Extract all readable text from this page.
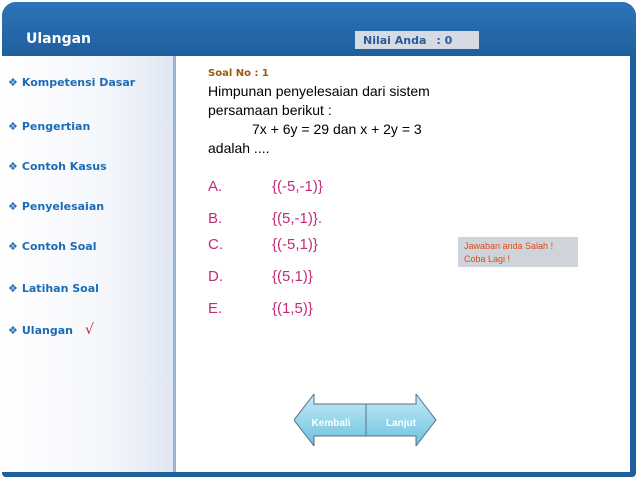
Ulangan	Nilai Anda : 0
❖ Kompetensi Dasar
❖ Pengertian
❖ Contoh Kasus
❖ Penyelesaian
❖ Contoh Soal
❖ Latihan Soal
❖ Ulangan √
Soal No : 1
Himpunan penyelesaian dari sistem
persamaan berikut :
7x + 6y = 29 dan x + 2y = 3
adalah ....
A.	{(-5,-1)}
B.	{(5,-1)}.
C.	{(-5,1)}
D.	{(5,1)}
E.	{(1,5)}
Jawaban anda Salah !
Coba Lagi !
Kembali	Lanjut
